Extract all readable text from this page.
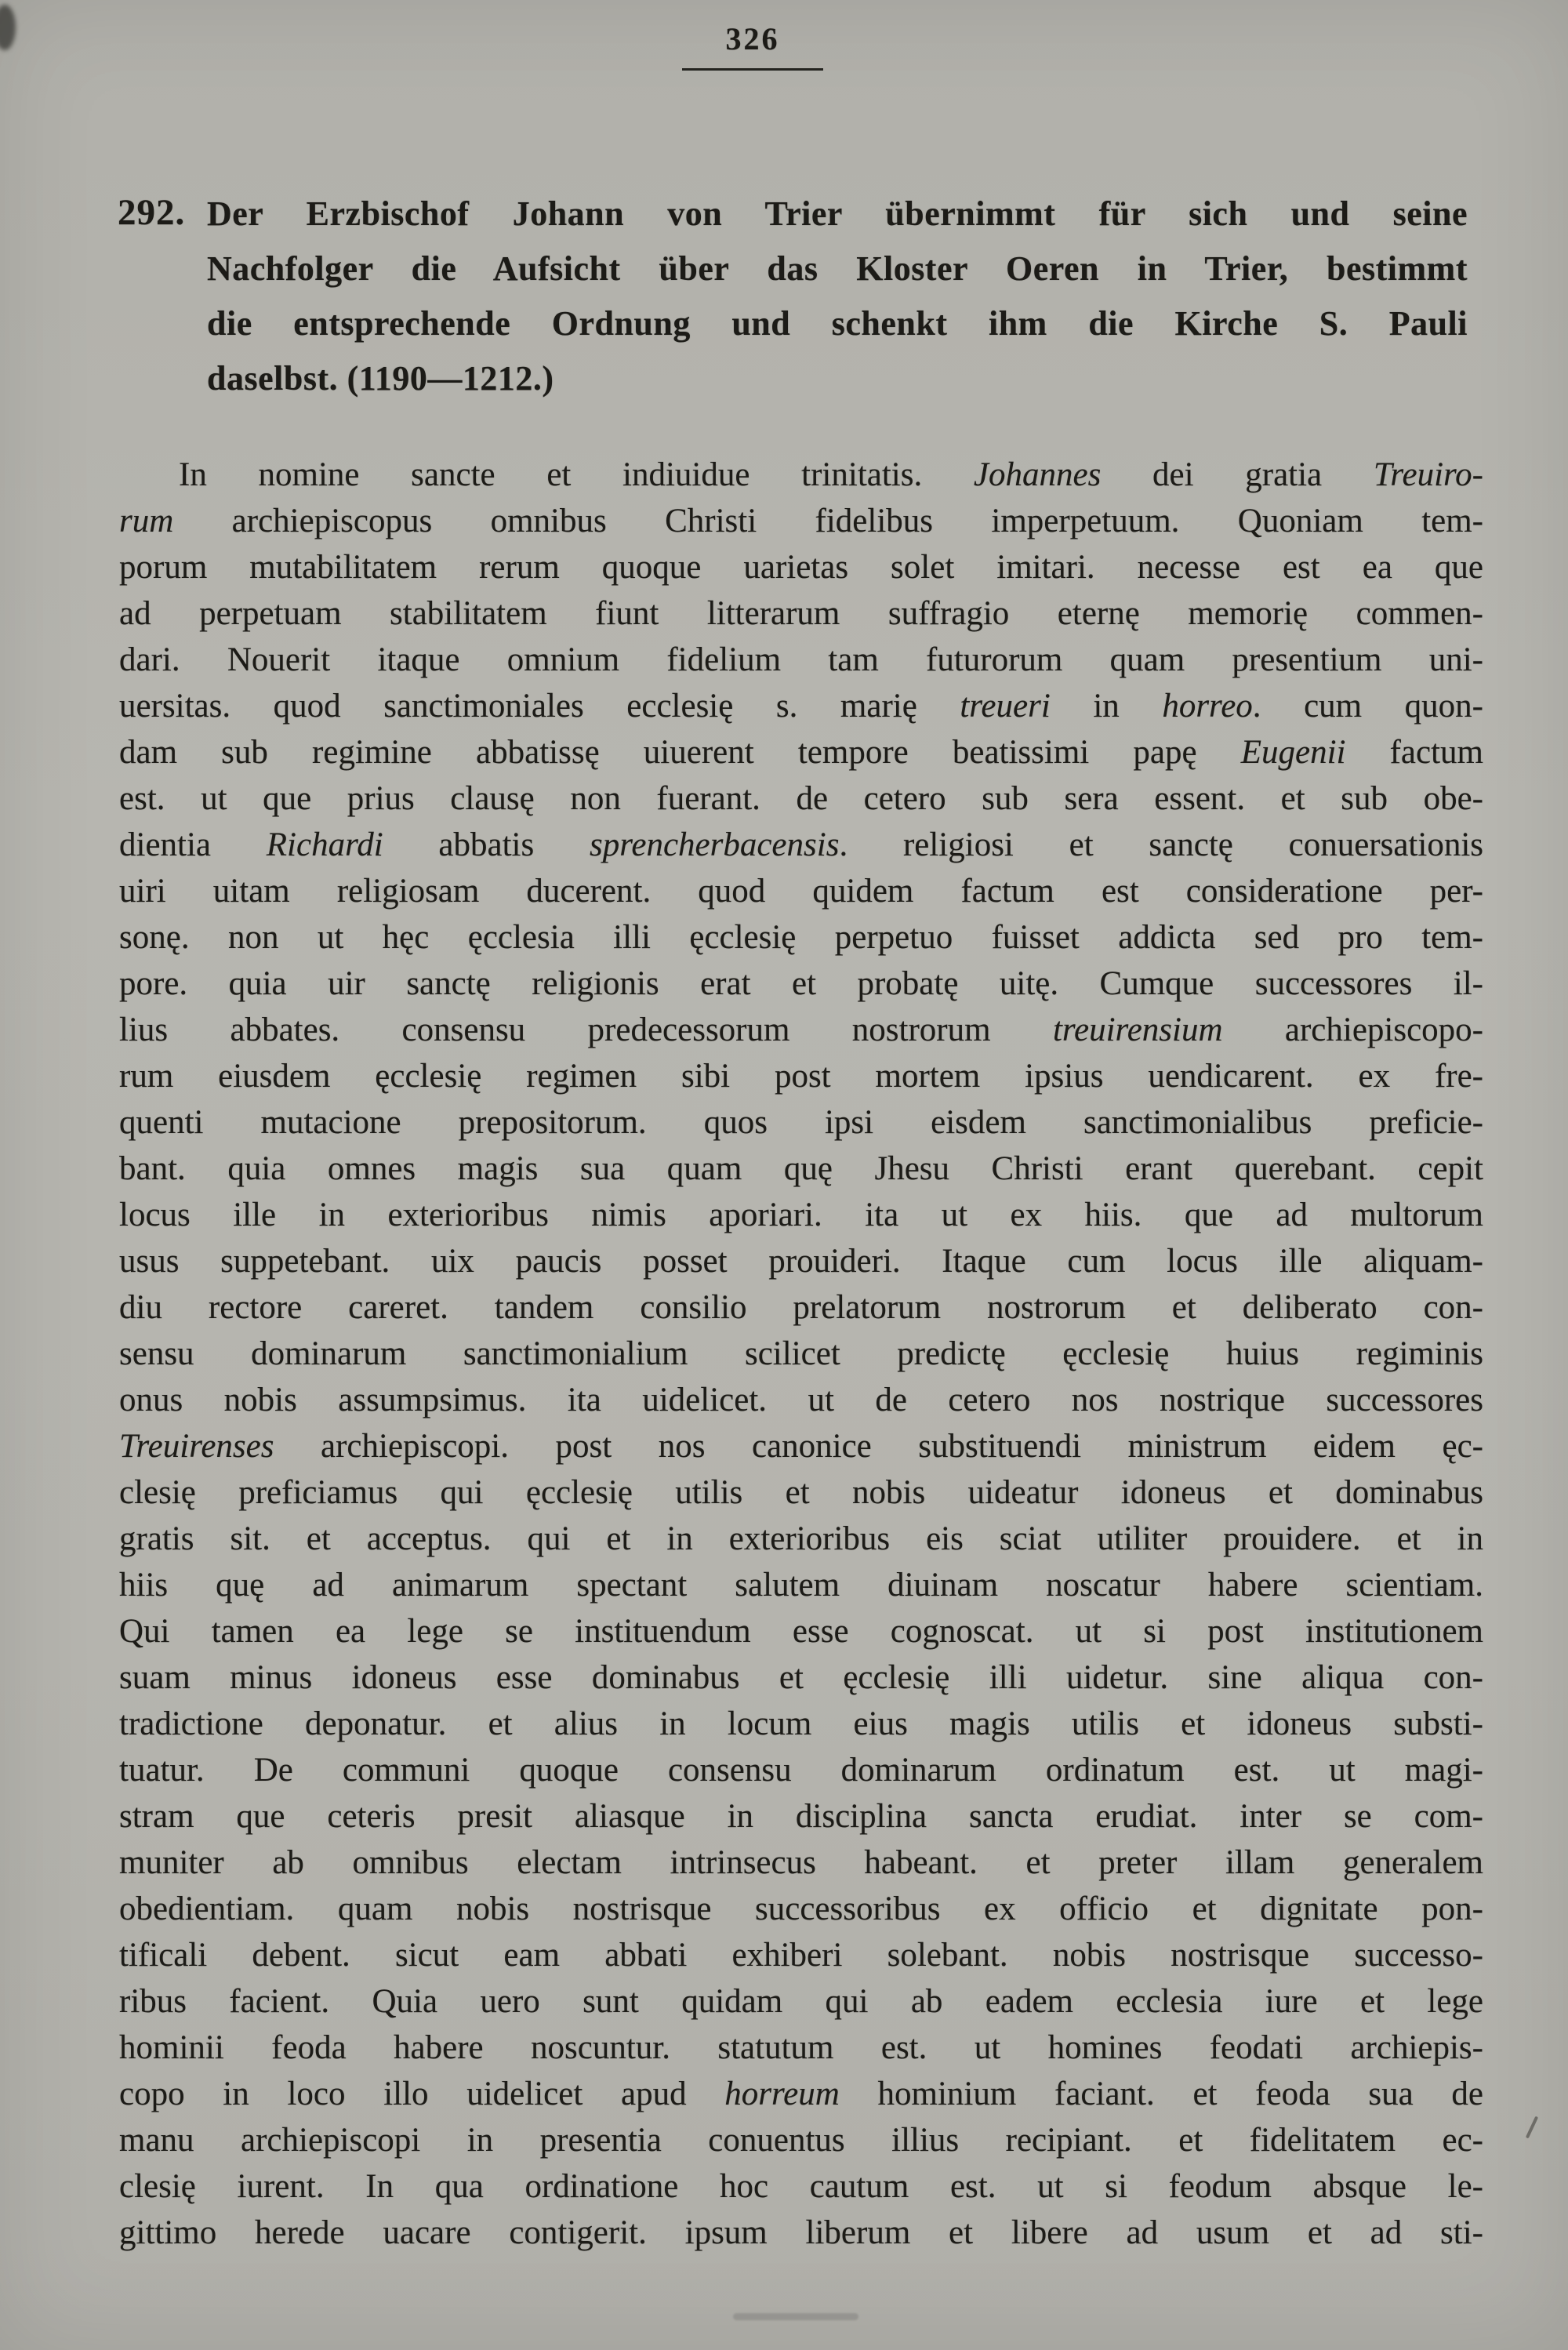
326
292. Der Erzbischof Johann von Trier übernimmt für sich und seine
Nachfolger die Aufsicht über das Kloster Oeren in Trier, bestimmt
die entsprechende Ordnung und schenkt ihm die Kirche S. Pauli
daselbst. (1190—1212.)
In nomine sancte et indiuidue trinitatis. Johannes dei gratia Treuiro-
rum archiepiscopus omnibus Christi fidelibus imperpetuum. Quoniam tem-
porum mutabilitatem rerum quoque uarietas solet imitari. necesse est ea que
ad perpetuam stabilitatem fiunt litterarum suffragio eternę memorię commen-
dari. Nouerit itaque omnium fidelium tam futurorum quam presentium uni-
uersitas. quod sanctimoniales ecclesię s. marię treueri in horreo. cum quon-
dam sub regimine abbatissę uiuerent tempore beatissimi papę Eugenii factum
est. ut que prius clausę non fuerant. de cetero sub sera essent. et sub obe-
dientia Richardi abbatis sprencherbacensis. religiosi et sanctę conuersationis
uiri uitam religiosam ducerent. quod quidem factum est consideratione per-
sonę. non ut hęc ęcclesia illi ęcclesię perpetuo fuisset addicta sed pro tem-
pore. quia uir sanctę religionis erat et probatę uitę. Cumque successores il-
lius abbates. consensu predecessorum nostrorum treuirensium archiepiscopo-
rum eiusdem ęcclesię regimen sibi post mortem ipsius uendicarent. ex fre-
quenti mutacione prepositorum. quos ipsi eisdem sanctimonialibus preficie-
bant. quia omnes magis sua quam quę Jhesu Christi erant querebant. cepit
locus ille in exterioribus nimis aporiari. ita ut ex hiis. que ad multorum
usus suppetebant. uix paucis posset prouideri. Itaque cum locus ille aliquam-
diu rectore careret. tandem consilio prelatorum nostrorum et deliberato con-
sensu dominarum sanctimonialium scilicet predictę ęcclesię huius regiminis
onus nobis assumpsimus. ita uidelicet. ut de cetero nos nostrique successores
Treuirenses archiepiscopi. post nos canonice substituendi ministrum eidem ęc-
clesię preficiamus qui ęcclesię utilis et nobis uideatur idoneus et dominabus
gratis sit. et acceptus. qui et in exterioribus eis sciat utiliter prouidere. et in
hiis quę ad animarum spectant salutem diuinam noscatur habere scientiam.
Qui tamen ea lege se instituendum esse cognoscat. ut si post institutionem
suam minus idoneus esse dominabus et ęcclesię illi uidetur. sine aliqua con-
tradictione deponatur. et alius in locum eius magis utilis et idoneus substi-
tuatur. De communi quoque consensu dominarum ordinatum est. ut magi-
stram que ceteris presit aliasque in disciplina sancta erudiat. inter se com-
muniter ab omnibus electam intrinsecus habeant. et preter illam generalem
obedientiam. quam nobis nostrisque successoribus ex officio et dignitate pon-
tificali debent. sicut eam abbati exhiberi solebant. nobis nostrisque successo-
ribus facient. Quia uero sunt quidam qui ab eadem ecclesia iure et lege
hominii feoda habere noscuntur. statutum est. ut homines feodati archiepis-
copo in loco illo uidelicet apud horreum hominium faciant. et feoda sua de
manu archiepiscopi in presentia conuentus illius recipiant. et fidelitatem ec-
clesię iurent. In qua ordinatione hoc cautum est. ut si feodum absque le-
gittimo herede uacare contigerit. ipsum liberum et libere ad usum et ad sti-
